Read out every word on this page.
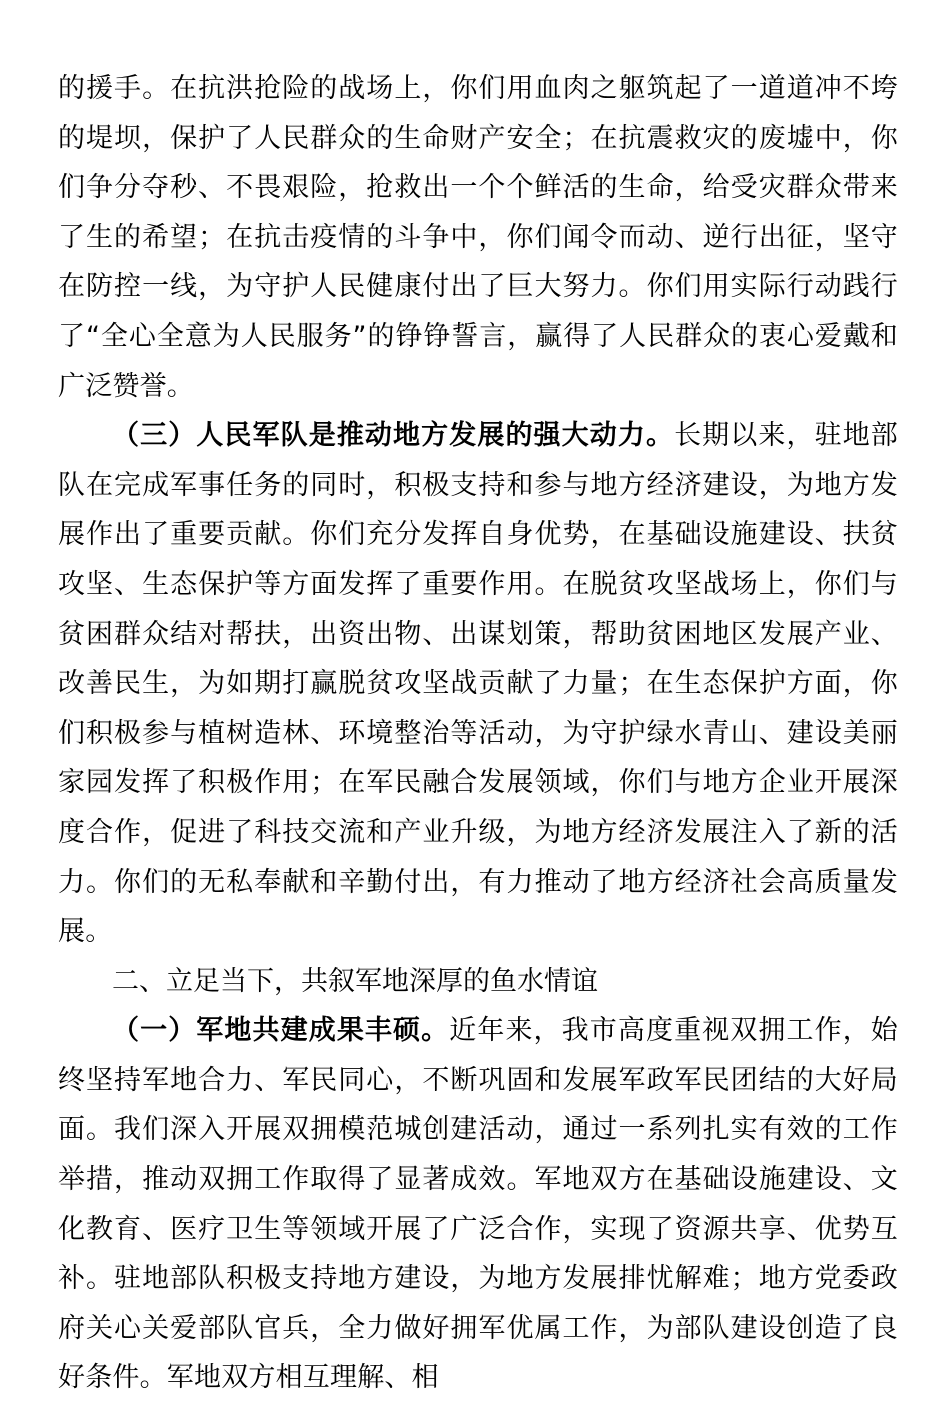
的援手。在抗洪抢险的战场上，你们用血肉之躯筑起了一道道冲不垮的堤坝，保护了人民群众的生命财产安全；在抗震救灾的废墟中，你们争分夺秒、不畏艰险，抢救出一个个鲜活的生命，给受灾群众带来了生的希望；在抗击疫情的斗争中，你们闻令而动、逆行出征，坚守在防控一线，为守护人民健康付出了巨大努力。你们用实际行动践行了“全心全意为人民服务”的铮铮誓言，赢得了人民群众的衷心爱戴和广泛赞誉。

（三）人民军队是推动地方发展的强大动力。长期以来，驻地部队在完成军事任务的同时，积极支持和参与地方经济建设，为地方发展作出了重要贡献。你们充分发挥自身优势，在基础设施建设、扶贫攻坚、生态保护等方面发挥了重要作用。在脱贫攻坚战场上，你们与贫困群众结对帮扶，出资出物、出谋划策，帮助贫困地区发展产业、改善民生，为如期打赢脱贫攻坚战贡献了力量；在生态保护方面，你们积极参与植树造林、环境整治等活动，为守护绿水青山、建设美丽家园发挥了积极作用；在军民融合发展领域，你们与地方企业开展深度合作，促进了科技交流和产业升级，为地方经济发展注入了新的活力。你们的无私奉献和辛勤付出，有力推动了地方经济社会高质量发展。

二、立足当下，共叙军地深厚的鱼水情谊

（一）军地共建成果丰硕。近年来，我市高度重视双拥工作，始终坚持军地合力、军民同心，不断巩固和发展军政军民团结的大好局面。我们深入开展双拥模范城创建活动，通过一系列扎实有效的工作举措，推动双拥工作取得了显著成效。军地双方在基础设施建设、文化教育、医疗卫生等领域开展了广泛合作，实现了资源共享、优势互补。驻地部队积极支持地方建设，为地方发展排忧解难；地方党委政府关心关爱部队官兵，全力做好拥军优属工作，为部队建设创造了良好条件。军地双方相互理解、相
